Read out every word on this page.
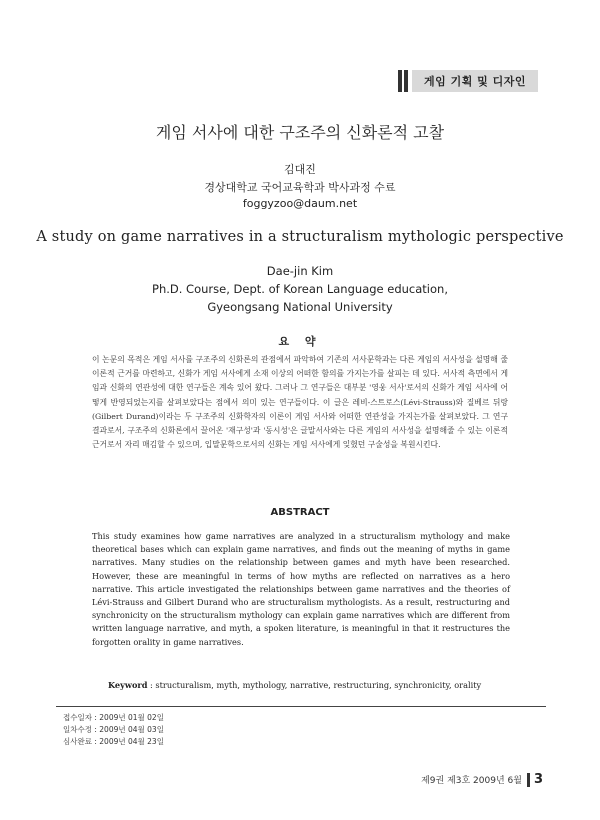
게임 기획 및 디자인
게임 서사에 대한 구조주의 신화론적 고찰
김대진
경상대학교 국어교육학과 박사과정 수료
foggyzoo@daum.net
A study on game narratives in a structuralism mythologic perspective
Dae-jin Kim
Ph.D. Course, Dept. of Korean Language education,
Gyeongsang National University
요 약
이 논문의 목적은 게임 서사를 구조주의 신화론의 관점에서 파악하여 기존의 서사문학과는 다른 게임의 서사성을 설명해 줄 이론적 근거를 마련하고, 신화가 게임 서사에게 소재 이상의 어떠한 함의를 가지는가를 살피는 데 있다. 서사적 측면에서 게임과 신화의 연관성에 대한 연구들은 계속 있어 왔다. 그러나 그 연구들은 대부분 '영웅 서사'로서의 신화가 게임 서사에 어떻게 반영되었는지를 살펴보았다는 점에서 의미 있는 연구들이다. 이 글은 레비-스트로스(Lévi-Strauss)와 질베르 뒤랑(Gilbert Durand)이라는 두 구조주의 신화학자의 이론이 게임 서사와 어떠한 연관성을 가지는가를 살펴보았다. 그 연구 결과로서, 구조주의 신화론에서 끌어온 '재구성'과 '동시성'은 글말서사와는 다른 게임의 서사성을 설명해줄 수 있는 이론적 근거로서 자리 매김할 수 있으며, 입말문학으로서의 신화는 게임 서사에게 잊혔던 구술성을 복원시킨다.
ABSTRACT
This study examines how game narratives are analyzed in a structuralism mythology and make theoretical bases which can explain game narratives, and finds out the meaning of myths in game narratives. Many studies on the relationship between games and myth have been researched. However, these are meaningful in terms of how myths are reflected on narratives as a hero narrative. This article investigated the relationships between game narratives and the theories of Lévi-Strauss and Gilbert Durand who are structuralism mythologists. As a result, restructuring and synchronicity on the structuralism mythology can explain game narratives which are different from written language narrative, and myth, a spoken literature, is meaningful in that it restructures the forgotten orality in game narratives.
Keyword : structuralism, myth, mythology, narrative, restructuring, synchronicity, orality
접수일자 : 2009년 01월 02일
일차수정 : 2009년 04월 03일
심사완료 : 2009년 04월 23일
제9권 제3호 2009년 6월 3
